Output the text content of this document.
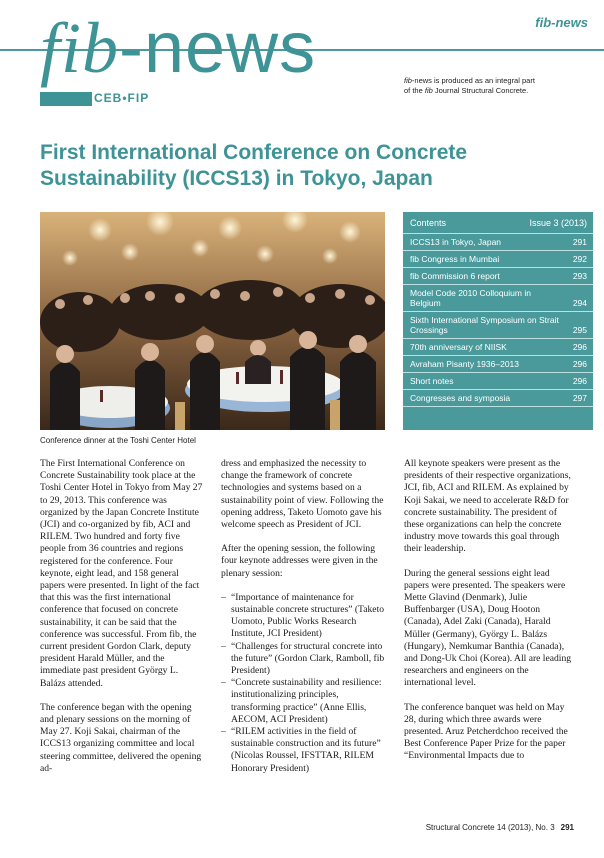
fib-news
CEB•FIP
fib-news
fib-news is produced as an integral part
of the fib Journal Structural Concrete.
First International Conference on Concrete Sustainability (ICCS13) in Tokyo, Japan
Conference dinner at the Toshi Center Hotel
Contents	Issue 3 (2013)
ICCS13 in Tokyo, Japan	291
fib Congress in Mumbai	292
fib Commission 6 report	293
Model Code 2010 Colloquium in Belgium	294
Sixth International Symposium on Strait Crossings	295
70th anniversary of NIISK	296
Avraham Pisanty 1936–2013	296
Short notes	296
Congresses and symposia	297

The First International Conference on Concrete Sustainability took place at the Toshi Center Hotel in Tokyo from May 27 to 29, 2013. This conference was organized by the Japan Concrete Institute (JCI) and co-organized by fib, ACI and RILEM. Two hundred and forty five people from 36 countries and regions registered for the conference. Four keynote, eight lead, and 158 general papers were presented. In light of the fact that this was the first international conference that focused on concrete sustainability, it can be said that the conference was successful. From fib, the current president Gordon Clark, deputy president Harald Müller, and the immediate past president György L. Balázs attended.

The conference began with the opening and plenary sessions on the morning of May 27. Koji Sakai, chairman of the ICCS13 organizing committee and local steering committee, delivered the opening ad-

dress and emphasized the necessity to change the framework of concrete technologies and systems based on a sustainability point of view. Following the opening address, Taketo Uomoto gave his welcome speech as President of JCI.

After the opening session, the following four keynote addresses were given in the plenary session:

– “Importance of maintenance for sustainable concrete structures” (Taketo Uomoto, Public Works Research Institute, JCI President)
– “Challenges for structural concrete into the future” (Gordon Clark, Ramboll, fib President)
– “Concrete sustainability and resilience: institutionalizing principles, transforming practice” (Anne Ellis, AECOM, ACI President)
– “RILEM activities in the field of sustainable construction and its future” (Nicolas Roussel, IFSTTAR, RILEM Honorary President)

All keynote speakers were present as the presidents of their respective organizations, JCI, fib, ACI and RILEM. As explained by Koji Sakai, we need to accelerate R&D for concrete sustainability. The president of these organizations can help the concrete industry move towards this goal through their leadership.

During the general sessions eight lead papers were presented. The speakers were Mette Glavind (Denmark), Julie Buffenbarger (USA), Doug Hooton (Canada), Adel Zaki (Canada), Harald Müller (Germany), György L. Balázs (Hungary), Nemkumar Banthia (Canada), and Dong-Uk Choi (Korea). All are leading researchers and engineers on the international level.

The conference banquet was held on May 28, during which three awards were presented. Aruz Petcherdchoo received the Best Conference Paper Prize for the paper “Environmental Impacts due to

Structural Concrete 14 (2013), No. 3 291
